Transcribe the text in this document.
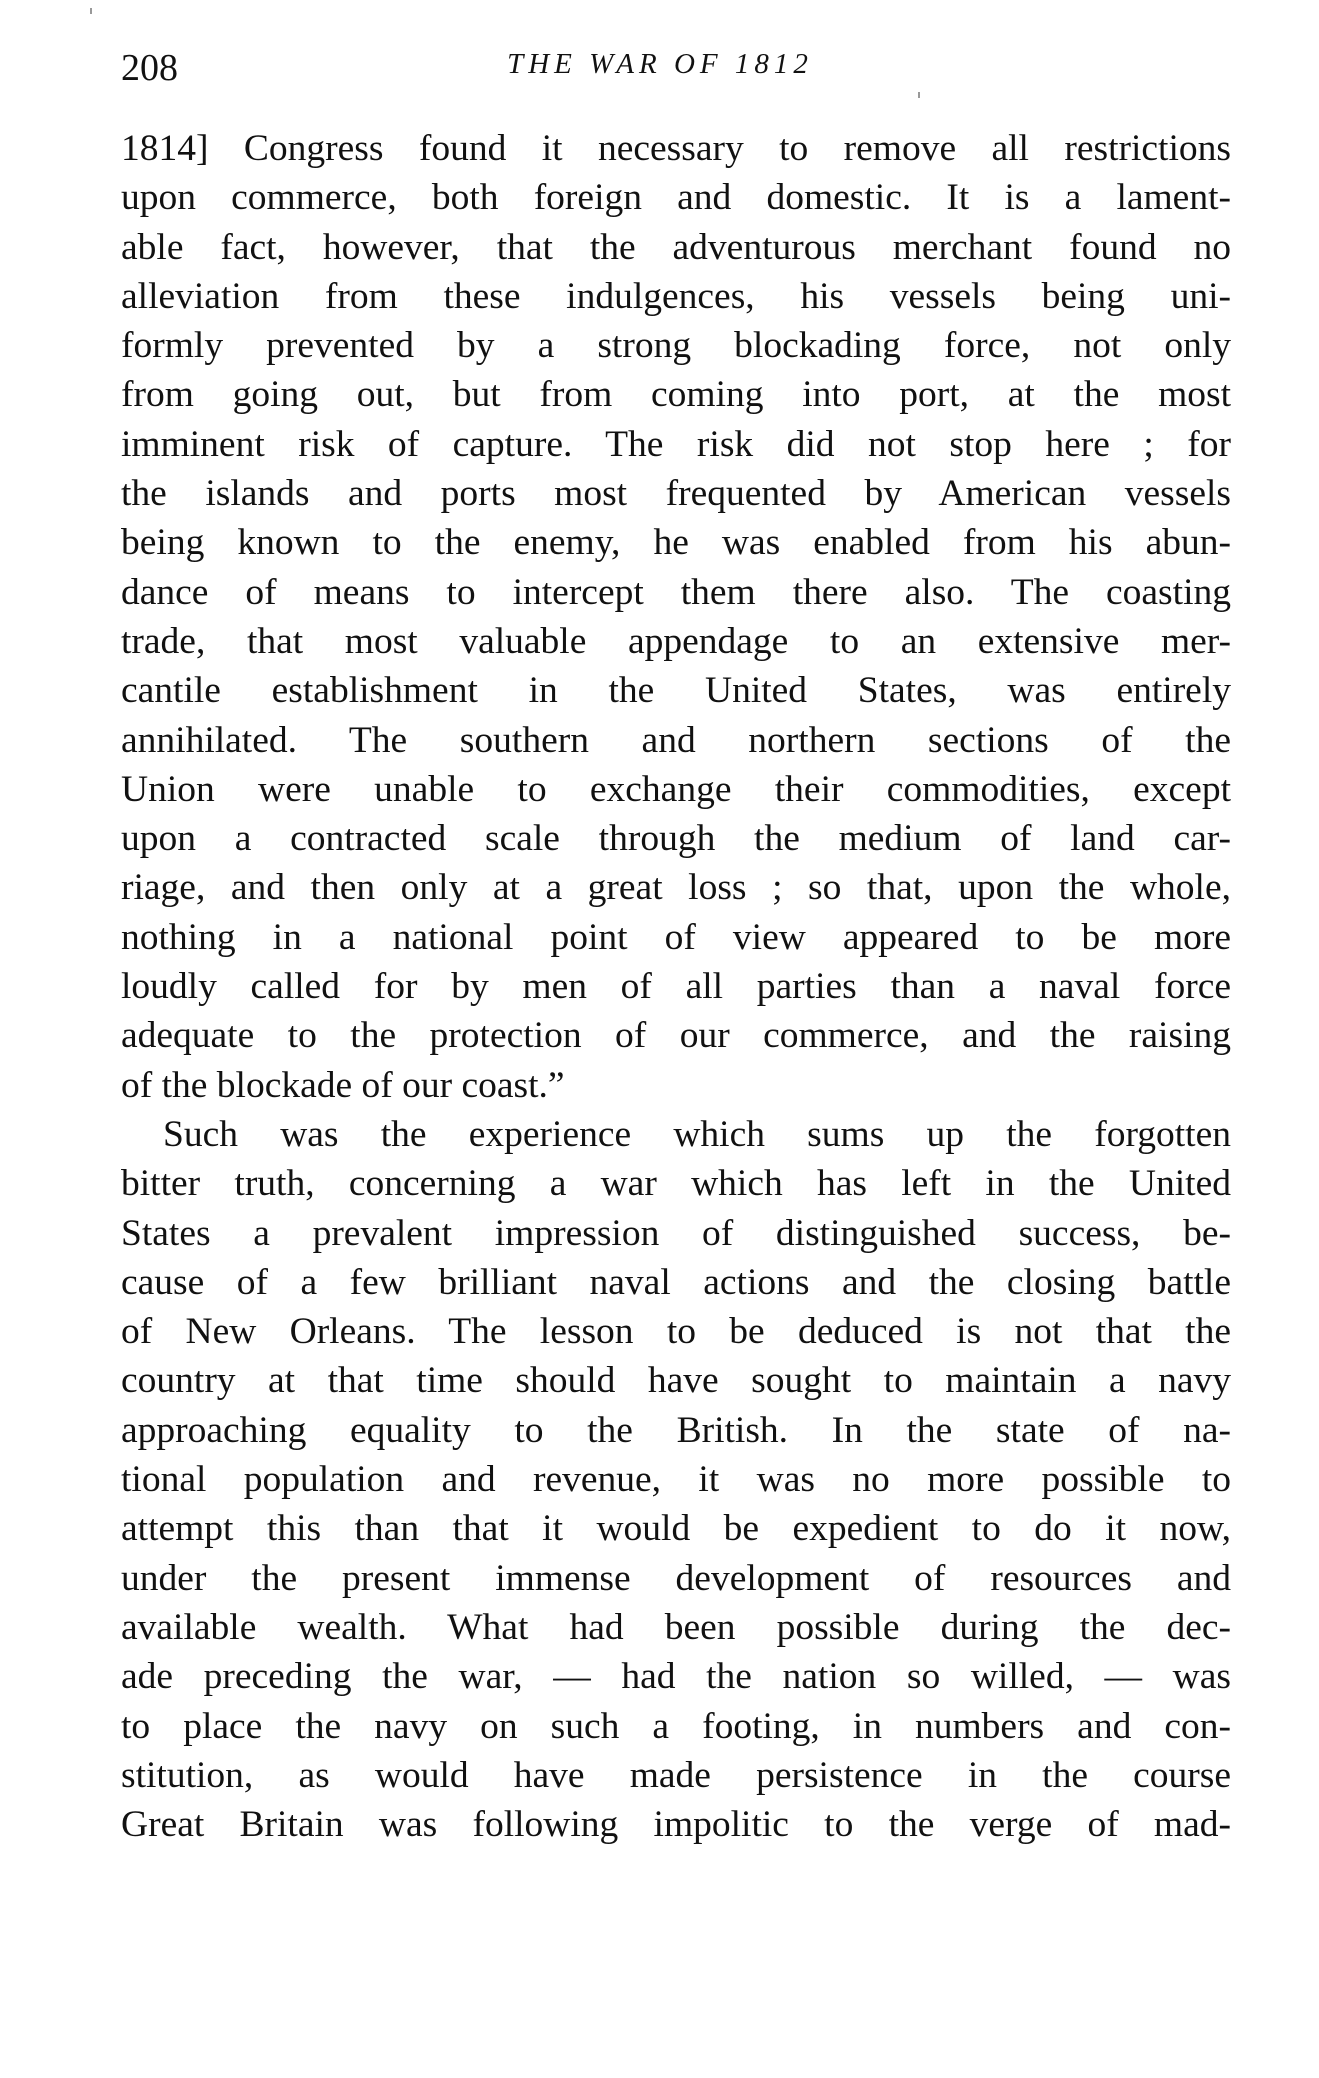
208	THE WAR OF 1812
1814] Congress found it necessary to remove all restrictions
upon commerce, both foreign and domestic. It is a lament-
able fact, however, that the adventurous merchant found no
alleviation from these indulgences, his vessels being uni-
formly prevented by a strong blockading force, not only
from going out, but from coming into port, at the most
imminent risk of capture. The risk did not stop here ; for
the islands and ports most frequented by American vessels
being known to the enemy, he was enabled from his abun-
dance of means to intercept them there also. The coasting
trade, that most valuable appendage to an extensive mer-
cantile establishment in the United States, was entirely
annihilated. The southern and northern sections of the
Union were unable to exchange their commodities, except
upon a contracted scale through the medium of land car-
riage, and then only at a great loss ; so that, upon the whole,
nothing in a national point of view appeared to be more
loudly called for by men of all parties than a naval force
adequate to the protection of our commerce, and the raising
of the blockade of our coast.”
Such was the experience which sums up the forgotten
bitter truth, concerning a war which has left in the United
States a prevalent impression of distinguished success, be-
cause of a few brilliant naval actions and the closing battle
of New Orleans. The lesson to be deduced is not that the
country at that time should have sought to maintain a navy
approaching equality to the British. In the state of na-
tional population and revenue, it was no more possible to
attempt this than that it would be expedient to do it now,
under the present immense development of resources and
available wealth. What had been possible during the dec-
ade preceding the war, — had the nation so willed, — was
to place the navy on such a footing, in numbers and con-
stitution, as would have made persistence in the course
Great Britain was following impolitic to the verge of mad-
